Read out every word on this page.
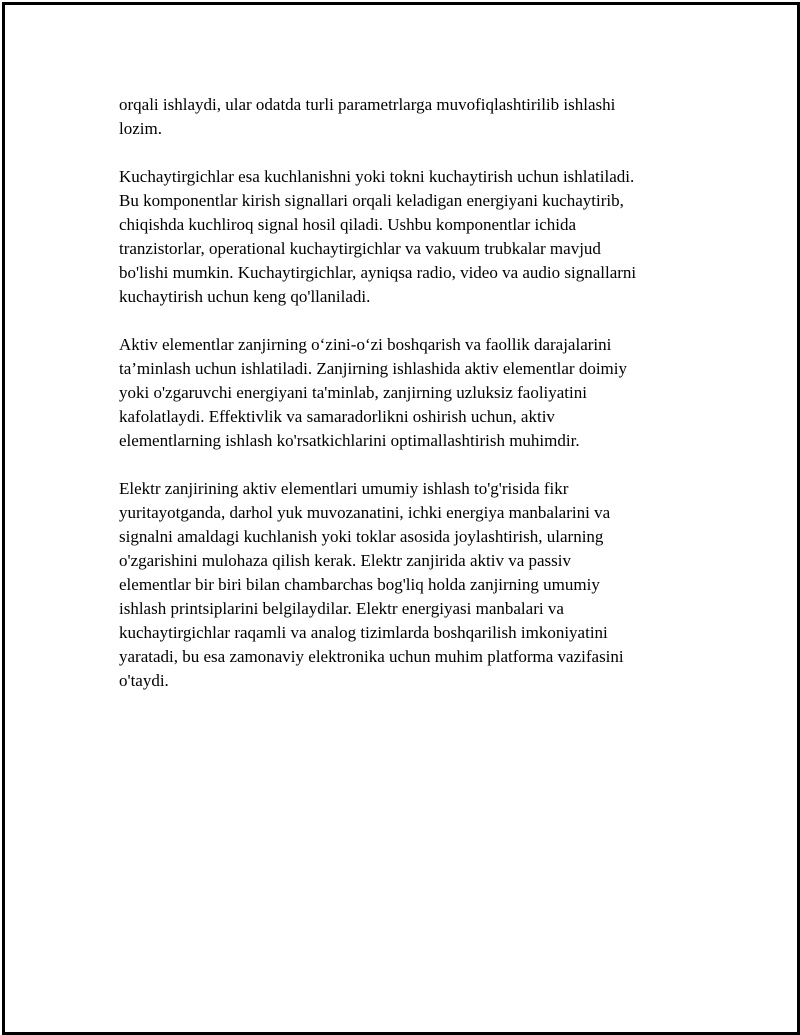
orqali ishlaydi, ular odatda turli parametrlarga muvofiqlashtirilib ishlashi
lozim.

Kuchaytirgichlar esa kuchlanishni yoki tokni kuchaytirish uchun ishlatiladi.
Bu komponentlar kirish signallari orqali keladigan energiyani kuchaytirib,
chiqishda kuchliroq signal hosil qiladi. Ushbu komponentlar ichida
tranzistorlar, operational kuchaytirgichlar va vakuum trubkalar mavjud
bo'lishi mumkin. Kuchaytirgichlar, ayniqsa radio, video va audio signallarni
kuchaytirish uchun keng qo'llaniladi.

Aktiv elementlar zanjirning o‘zini-o‘zi boshqarish va faollik darajalarini
ta’minlash uchun ishlatiladi. Zanjirning ishlashida aktiv elementlar doimiy
yoki o'zgaruvchi energiyani ta'minlab, zanjirning uzluksiz faoliyatini
kafolatlaydi. Effektivlik va samaradorlikni oshirish uchun, aktiv
elementlarning ishlash ko'rsatkichlarini optimallashtirish muhimdir.

Elektr zanjirining aktiv elementlari umumiy ishlash to'g'risida fikr
yuritayotganda, darhol yuk muvozanatini, ichki energiya manbalarini va
signalni amaldagi kuchlanish yoki toklar asosida joylashtirish, ularning
o'zgarishini mulohaza qilish kerak. Elektr zanjirida aktiv va passiv
elementlar bir biri bilan chambarchas bog'liq holda zanjirning umumiy
ishlash printsiplarini belgilaydilar. Elektr energiyasi manbalari va
kuchaytirgichlar raqamli va analog tizimlarda boshqarilish imkoniyatini
yaratadi, bu esa zamonaviy elektronika uchun muhim platforma vazifasini
o'taydi.
